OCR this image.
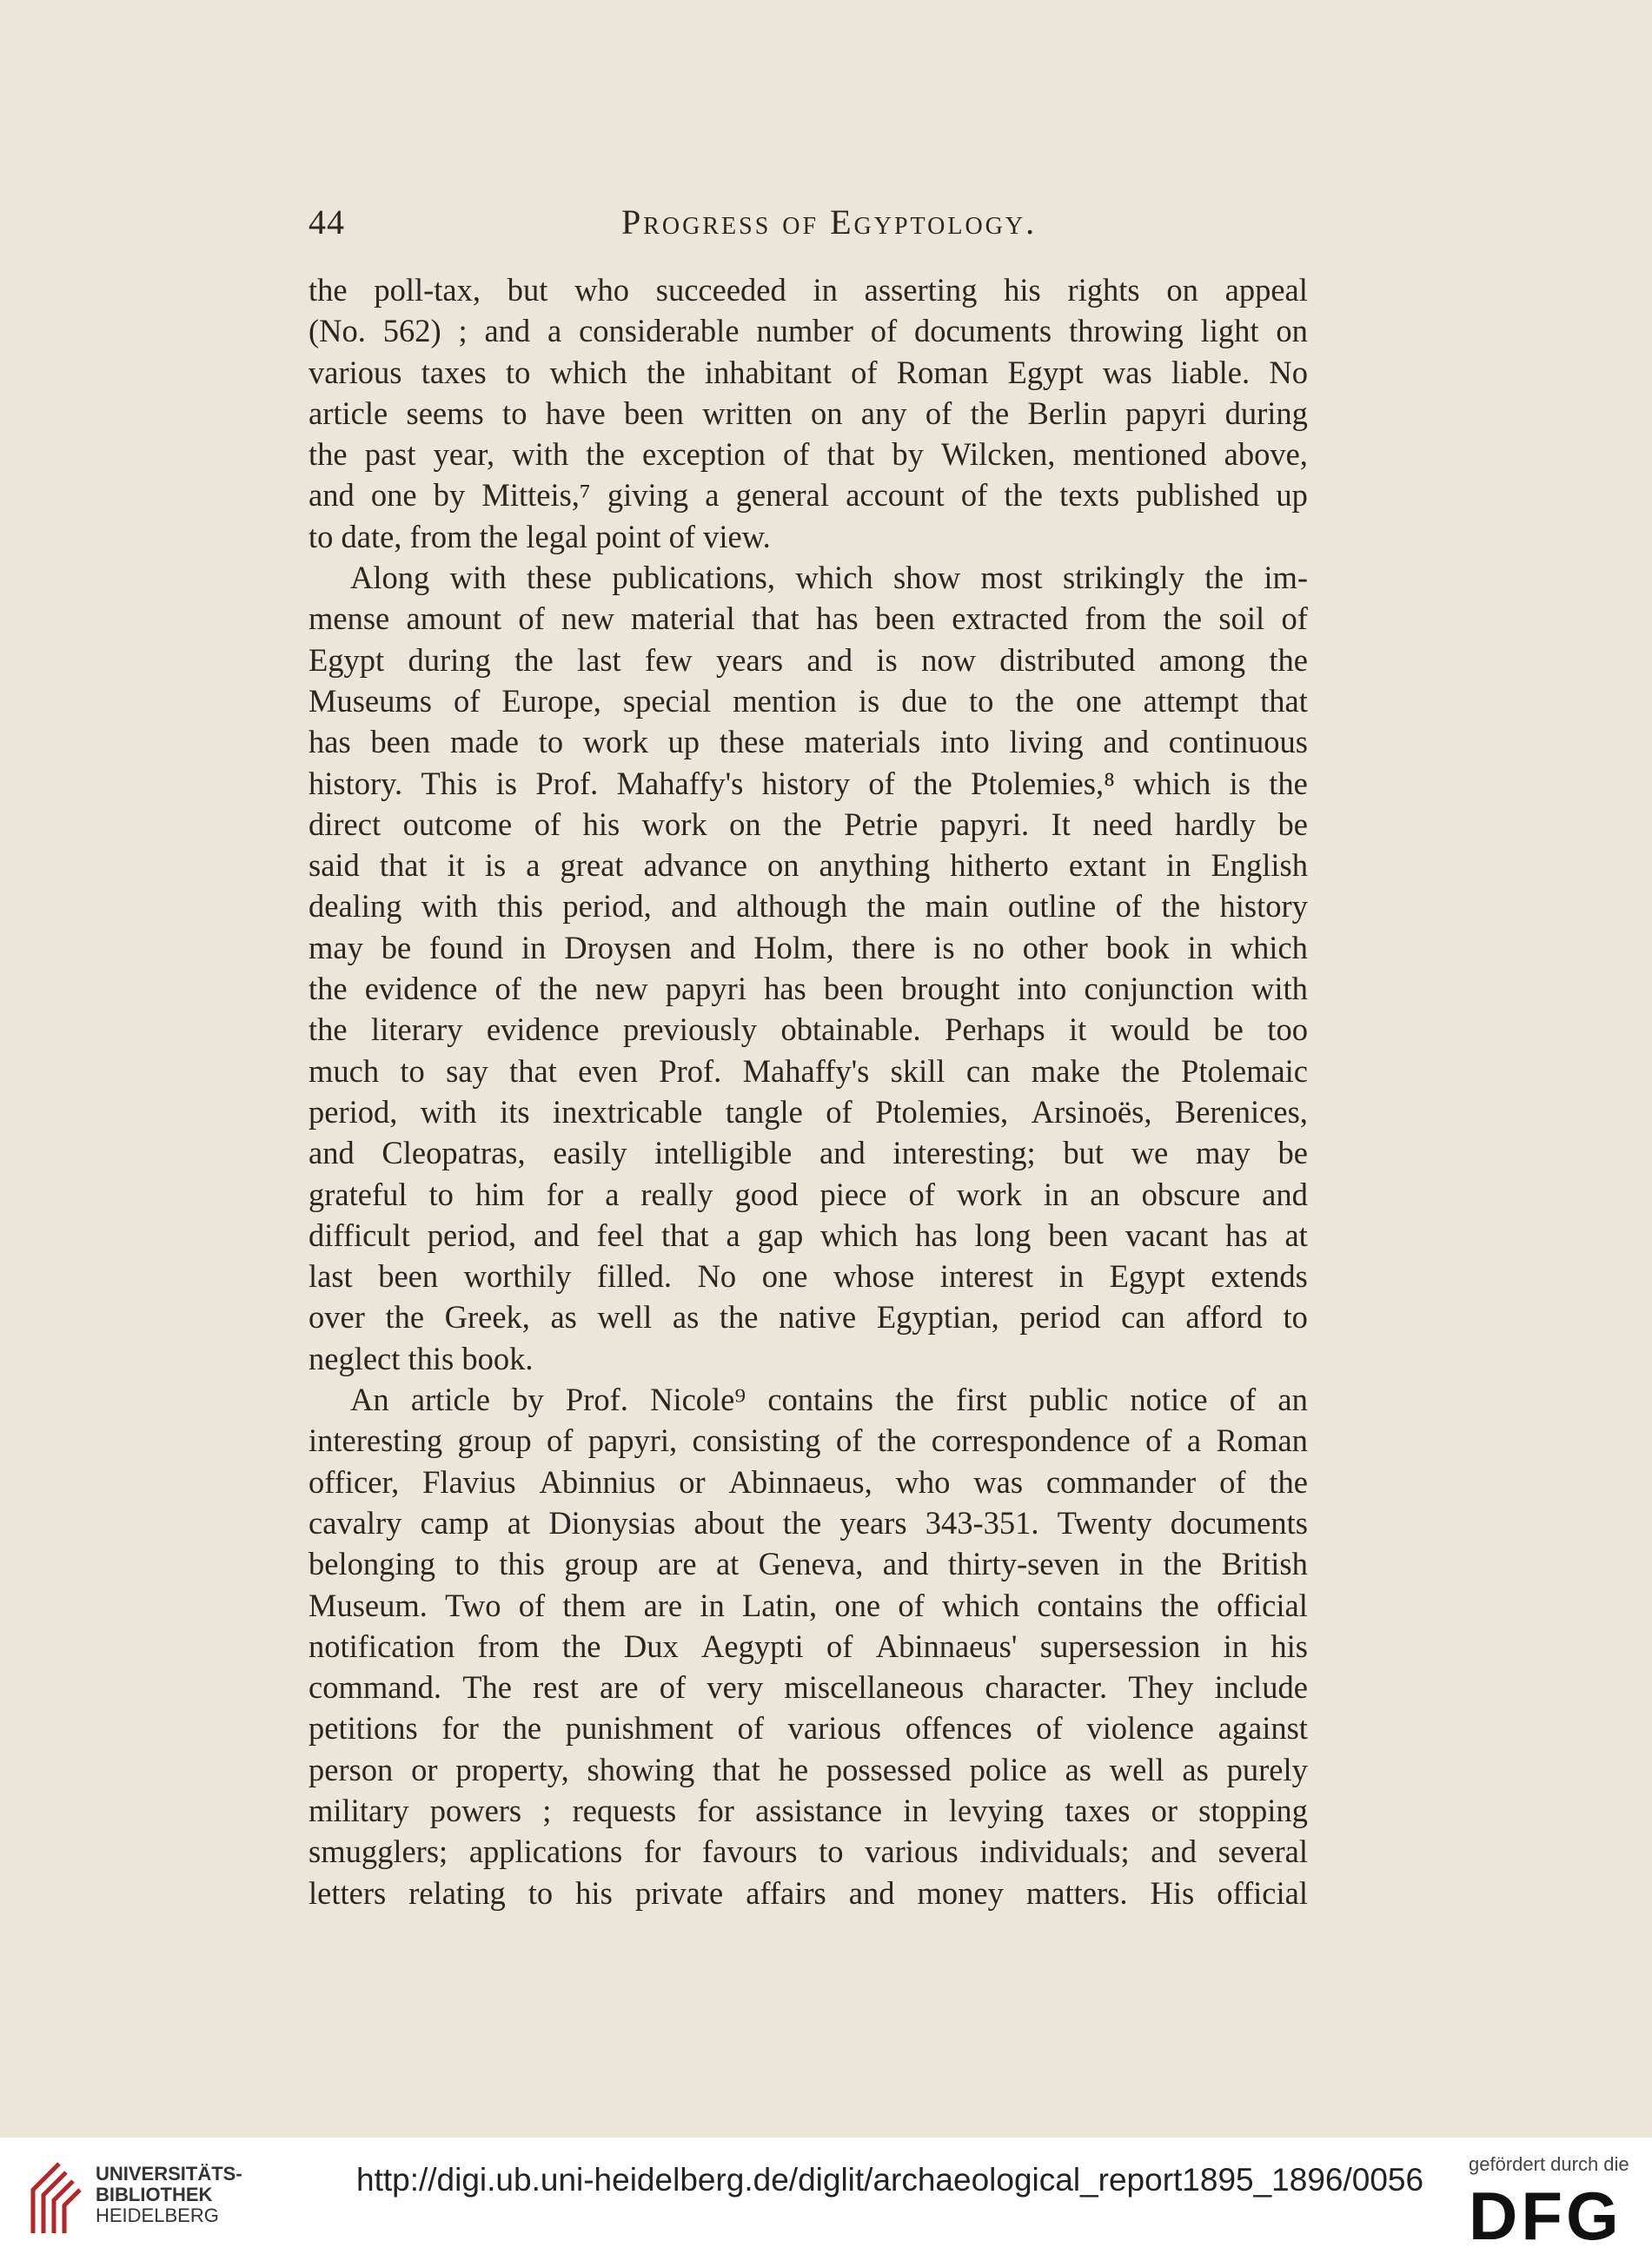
44	Progress of Egyptology.
the poll-tax, but who succeeded in asserting his rights on appeal
(No. 562) ; and a considerable number of documents throwing light on
various taxes to which the inhabitant of Roman Egypt was liable. No
article seems to have been written on any of the Berlin papyri during
the past year, with the exception of that by Wilcken, mentioned above,
and one by Mitteis,⁷ giving a general account of the texts published up
to date, from the legal point of view.
Along with these publications, which show most strikingly the im-
mense amount of new material that has been extracted from the soil of
Egypt during the last few years and is now distributed among the
Museums of Europe, special mention is due to the one attempt that
has been made to work up these materials into living and continuous
history. This is Prof. Mahaffy's history of the Ptolemies,⁸ which is the
direct outcome of his work on the Petrie papyri. It need hardly be
said that it is a great advance on anything hitherto extant in English
dealing with this period, and although the main outline of the history
may be found in Droysen and Holm, there is no other book in which
the evidence of the new papyri has been brought into conjunction with
the literary evidence previously obtainable. Perhaps it would be too
much to say that even Prof. Mahaffy's skill can make the Ptolemaic
period, with its inextricable tangle of Ptolemies, Arsinoës, Berenices,
and Cleopatras, easily intelligible and interesting; but we may be
grateful to him for a really good piece of work in an obscure and
difficult period, and feel that a gap which has long been vacant has at
last been worthily filled. No one whose interest in Egypt extends
over the Greek, as well as the native Egyptian, period can afford to
neglect this book.
An article by Prof. Nicole⁹ contains the first public notice of an
interesting group of papyri, consisting of the correspondence of a Roman
officer, Flavius Abinnius or Abinnaeus, who was commander of the
cavalry camp at Dionysias about the years 343-351. Twenty documents
belonging to this group are at Geneva, and thirty-seven in the British
Museum. Two of them are in Latin, one of which contains the official
notification from the Dux Aegypti of Abinnaeus' supersession in his
command. The rest are of very miscellaneous character. They include
petitions for the punishment of various offences of violence against
person or property, showing that he possessed police as well as purely
military powers ; requests for assistance in levying taxes or stopping
smugglers; applications for favours to various individuals; and several
letters relating to his private affairs and money matters. His official
UNIVERSITÄTS-
BIBLIOTHEK
HEIDELBERG
http://digi.ub.uni-heidelberg.de/diglit/archaeological_report1895_1896/0056 gefördert durch die
DFG
